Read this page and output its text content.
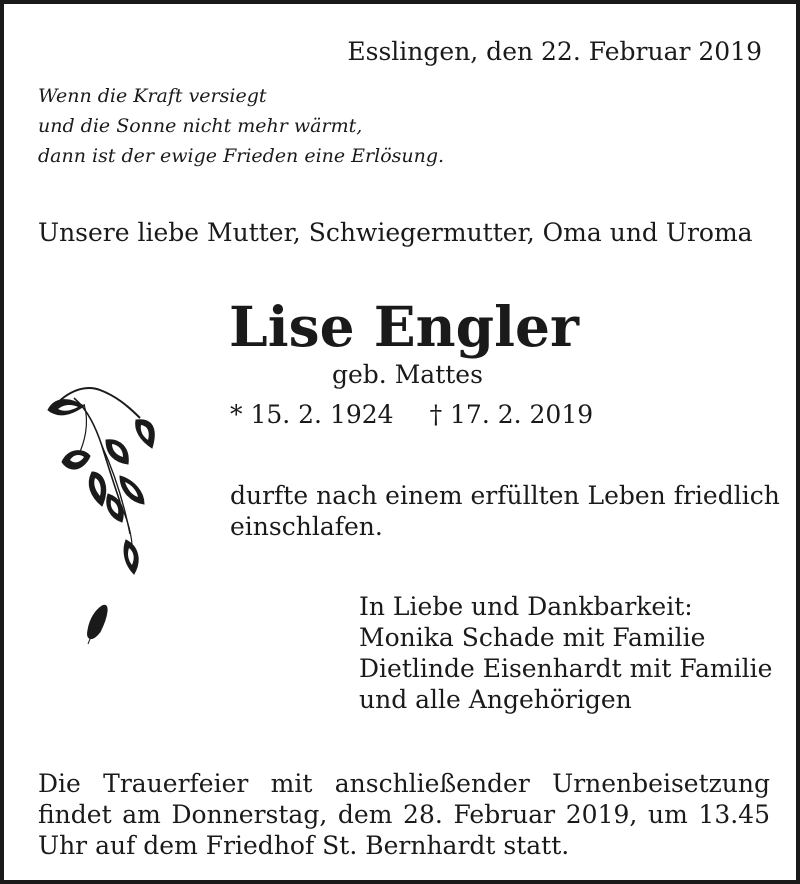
Esslingen, den 22. Februar 2019
Wenn die Kraft versiegt
und die Sonne nicht mehr wärmt,
dann ist der ewige Frieden eine Erlösung.
Unsere liebe Mutter, Schwiegermutter, Oma und Uroma
Lise Engler
geb. Mattes
* 15. 2. 1924 † 17. 2. 2019
durfte nach einem erfüllten Leben friedlich
einschlafen.
In Liebe und Dankbarkeit:
Monika Schade mit Familie
Dietlinde Eisenhardt mit Familie
und alle Angehörigen
Die Trauerfeier mit anschließender Urnenbeisetzung findet am Donnerstag, dem 28. Februar 2019, um 13.45 Uhr auf dem Friedhof St. Bernhardt statt.
